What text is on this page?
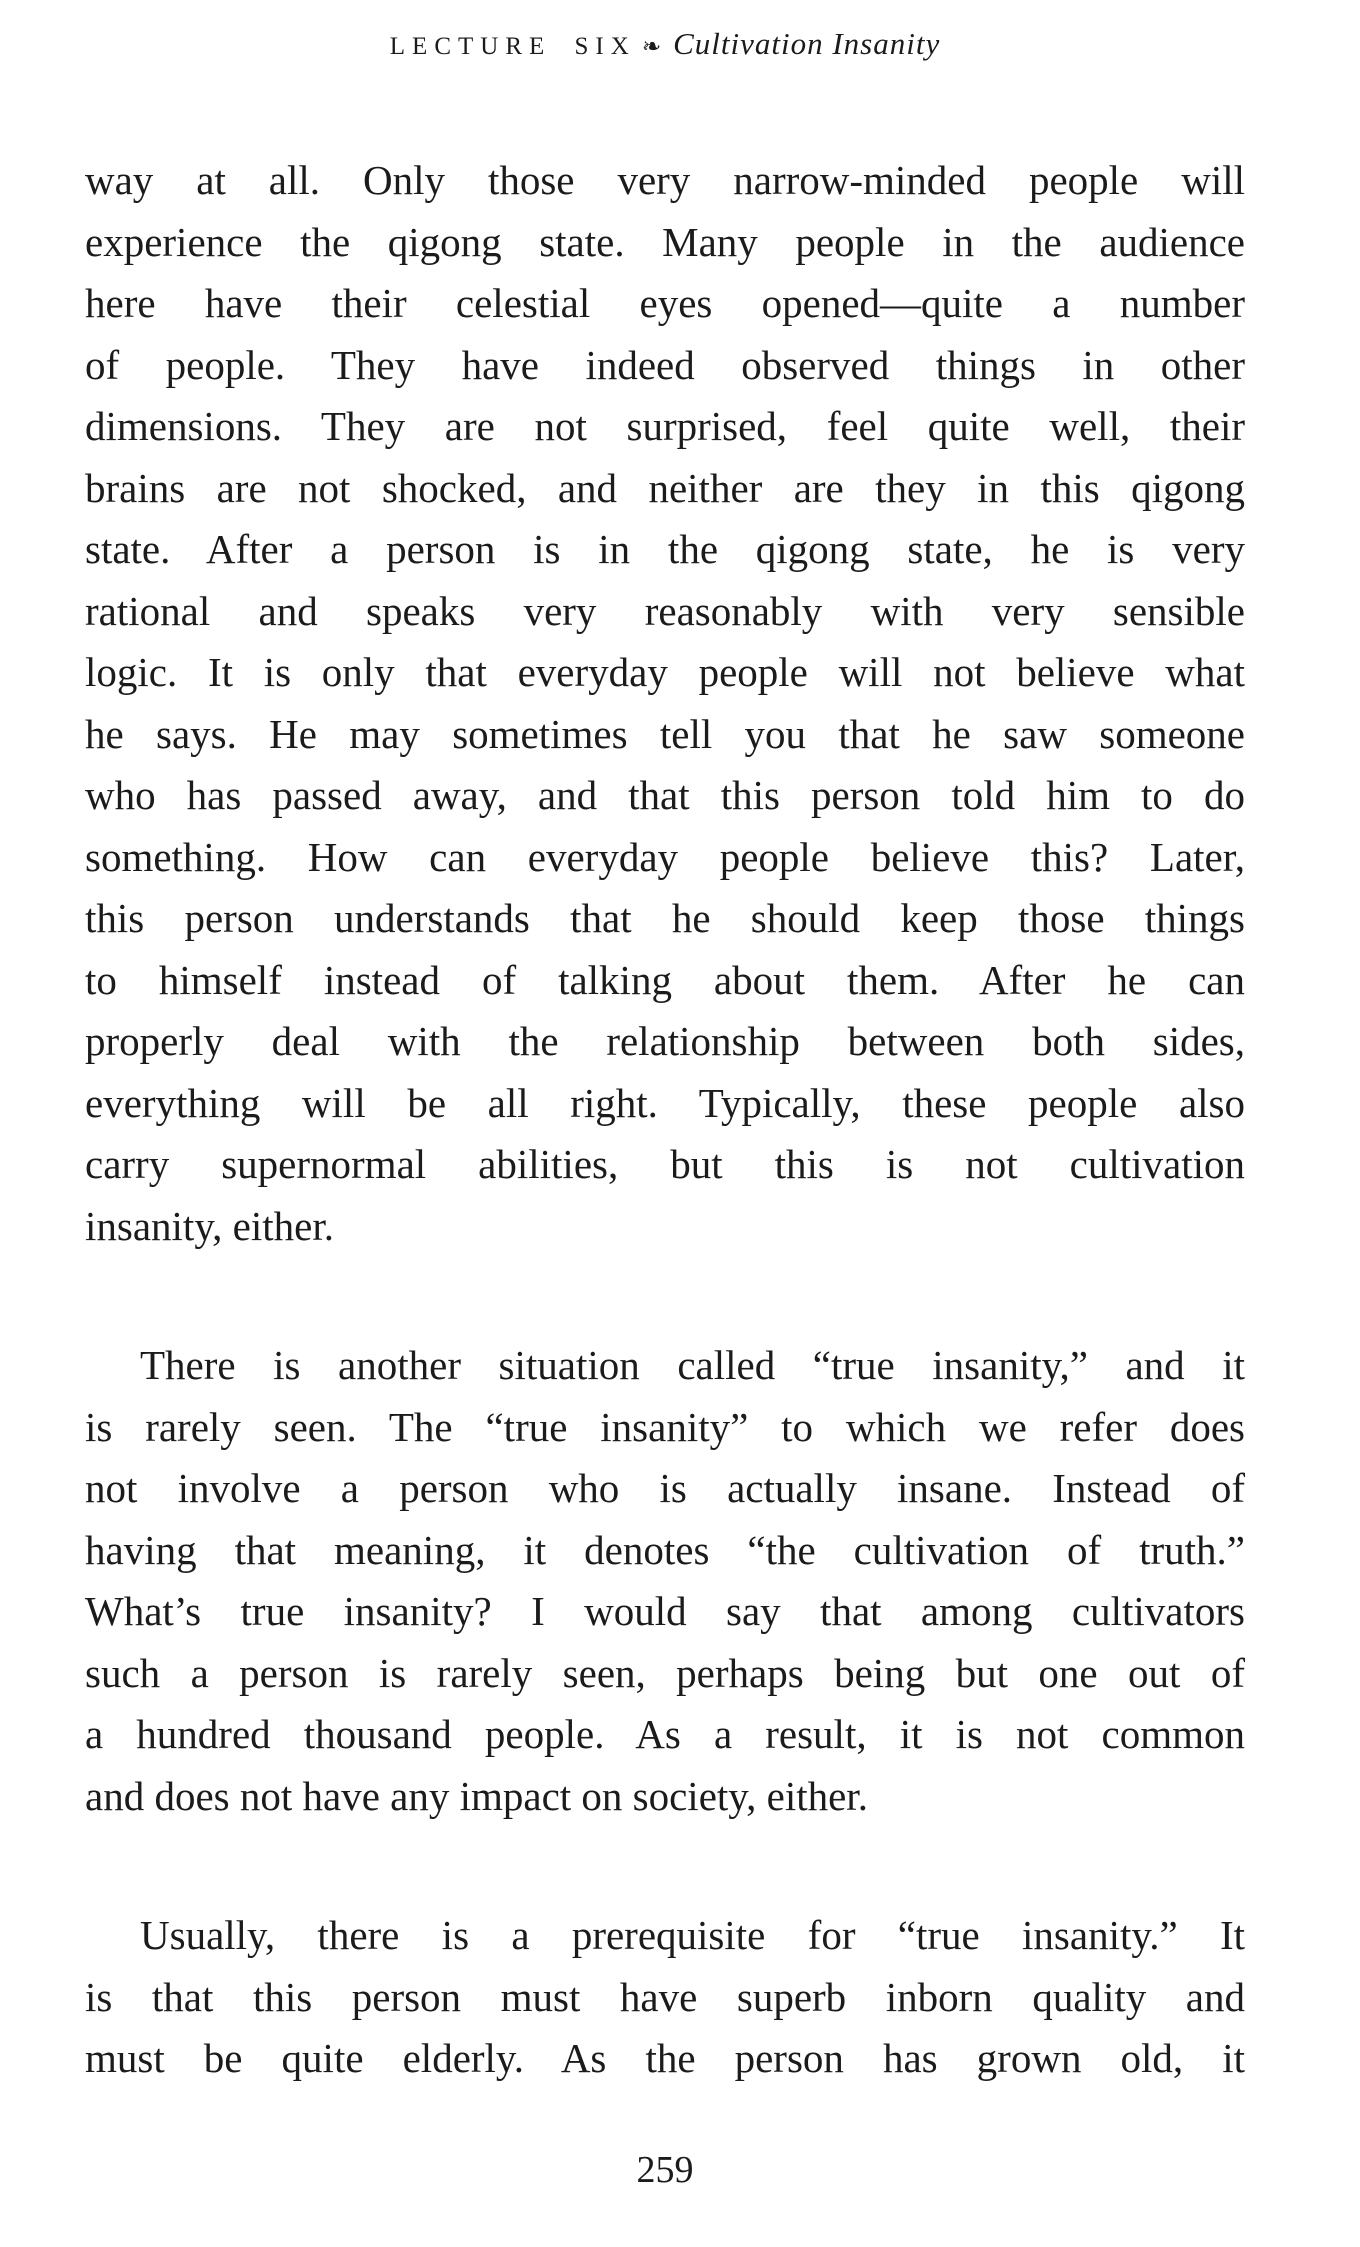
LECTURE SIX ❧ Cultivation Insanity
way at all. Only those very narrow-minded people will
experience the qigong state. Many people in the audience
here have their celestial eyes opened—quite a number
of people. They have indeed observed things in other
dimensions. They are not surprised, feel quite well, their
brains are not shocked, and neither are they in this qigong
state. After a person is in the qigong state, he is very
rational and speaks very reasonably with very sensible
logic. It is only that everyday people will not believe what
he says. He may sometimes tell you that he saw someone
who has passed away, and that this person told him to do
something. How can everyday people believe this? Later,
this person understands that he should keep those things
to himself instead of talking about them. After he can
properly deal with the relationship between both sides,
everything will be all right. Typically, these people also
carry supernormal abilities, but this is not cultivation
insanity, either.
There is another situation called “true insanity,” and it
is rarely seen. The “true insanity” to which we refer does
not involve a person who is actually insane. Instead of
having that meaning, it denotes “the cultivation of truth.”
What’s true insanity? I would say that among cultivators
such a person is rarely seen, perhaps being but one out of
a hundred thousand people. As a result, it is not common
and does not have any impact on society, either.
Usually, there is a prerequisite for “true insanity.” It
is that this person must have superb inborn quality and
must be quite elderly. As the person has grown old, it
259
